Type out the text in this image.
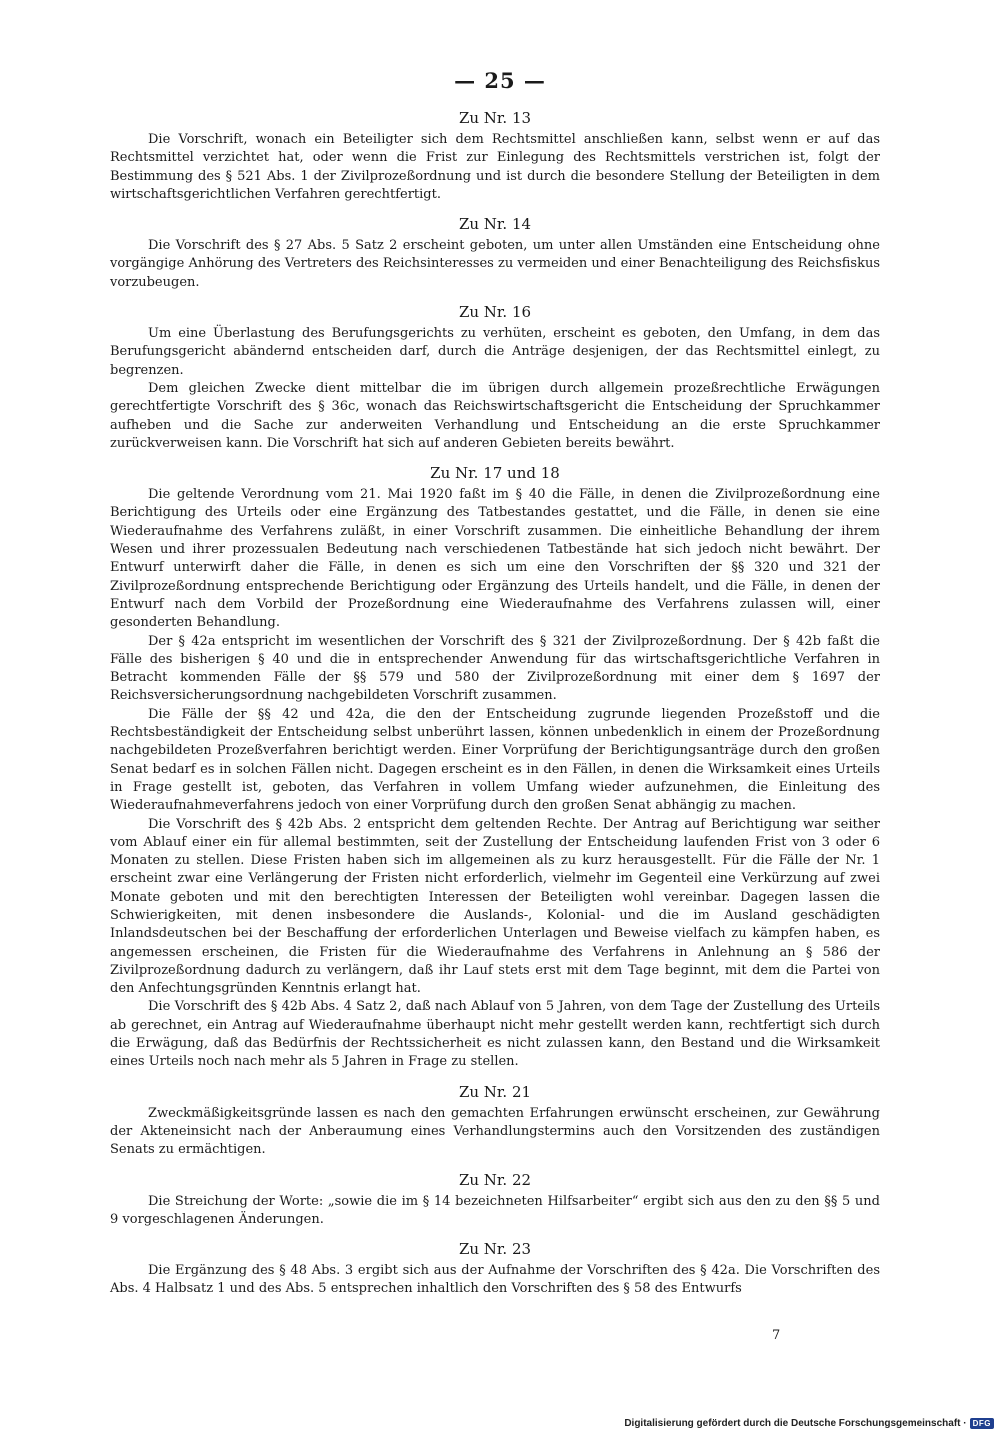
— 25 —
Zu Nr. 13

Die Vorschrift, wonach ein Beteiligter sich dem Rechtsmittel anschließen kann, selbst wenn er auf das Rechtsmittel verzichtet hat, oder wenn die Frist zur Einlegung des Rechtsmittels verstrichen ist, folgt der Bestimmung des § 521 Abs. 1 der Zivilprozeßordnung und ist durch die besondere Stellung der Beteiligten in dem wirtschaftsgerichtlichen Verfahren gerechtfertigt.

Zu Nr. 14

Die Vorschrift des § 27 Abs. 5 Satz 2 erscheint geboten, um unter allen Umständen eine Entscheidung ohne vorgängige Anhörung des Vertreters des Reichsinteresses zu vermeiden und einer Benachteiligung des Reichsfiskus vorzubeugen.

Zu Nr. 16

Um eine Überlastung des Berufungsgerichts zu verhüten, erscheint es geboten, den Umfang, in dem das Berufungsgericht abändernd entscheiden darf, durch die Anträge desjenigen, der das Rechtsmittel einlegt, zu begrenzen.

Dem gleichen Zwecke dient mittelbar die im übrigen durch allgemein prozeßrechtliche Erwägungen gerechtfertigte Vorschrift des § 36c, wonach das Reichswirtschaftsgericht die Entscheidung der Spruchkammer aufheben und die Sache zur anderweiten Verhandlung und Entscheidung an die erste Spruchkammer zurückverweisen kann. Die Vorschrift hat sich auf anderen Gebieten bereits bewährt.

Zu Nr. 17 und 18

Die geltende Verordnung vom 21. Mai 1920 faßt im § 40 die Fälle, in denen die Zivilprozeßordnung eine Berichtigung des Urteils oder eine Ergänzung des Tatbestandes gestattet, und die Fälle, in denen sie eine Wiederaufnahme des Verfahrens zuläßt, in einer Vorschrift zusammen. Die einheitliche Behandlung der ihrem Wesen und ihrer prozessualen Bedeutung nach verschiedenen Tatbestände hat sich jedoch nicht bewährt. Der Entwurf unterwirft daher die Fälle, in denen es sich um eine den Vorschriften der §§ 320 und 321 der Zivilprozeßordnung entsprechende Berichtigung oder Ergänzung des Urteils handelt, und die Fälle, in denen der Entwurf nach dem Vorbild der Prozeßordnung eine Wiederaufnahme des Verfahrens zulassen will, einer gesonderten Behandlung.

Der § 42a entspricht im wesentlichen der Vorschrift des § 321 der Zivilprozeßordnung. Der § 42b faßt die Fälle des bisherigen § 40 und die in entsprechender Anwendung für das wirtschaftsgerichtliche Verfahren in Betracht kommenden Fälle der §§ 579 und 580 der Zivilprozeßordnung mit einer dem § 1697 der Reichsversicherungsordnung nachgebildeten Vorschrift zusammen.

Die Fälle der §§ 42 und 42a, die den der Entscheidung zugrunde liegenden Prozeßstoff und die Rechtsbeständigkeit der Entscheidung selbst unberührt lassen, können unbedenklich in einem der Prozeßordnung nachgebildeten Prozeßverfahren berichtigt werden. Einer Vorprüfung der Berichtigungsanträge durch den großen Senat bedarf es in solchen Fällen nicht. Dagegen erscheint es in den Fällen, in denen die Wirksamkeit eines Urteils in Frage gestellt ist, geboten, das Verfahren in vollem Umfang wieder aufzunehmen, die Einleitung des Wiederaufnahmeverfahrens jedoch von einer Vorprüfung durch den großen Senat abhängig zu machen.

Die Vorschrift des § 42b Abs. 2 entspricht dem geltenden Rechte. Der Antrag auf Berichtigung war seither vom Ablauf einer ein für allemal bestimmten, seit der Zustellung der Entscheidung laufenden Frist von 3 oder 6 Monaten zu stellen. Diese Fristen haben sich im allgemeinen als zu kurz herausgestellt. Für die Fälle der Nr. 1 erscheint zwar eine Verlängerung der Fristen nicht erforderlich, vielmehr im Gegenteil eine Verkürzung auf zwei Monate geboten und mit den berechtigten Interessen der Beteiligten wohl vereinbar. Dagegen lassen die Schwierigkeiten, mit denen insbesondere die Auslands-, Kolonial- und die im Ausland geschädigten Inlandsdeutschen bei der Beschaffung der erforderlichen Unterlagen und Beweise vielfach zu kämpfen haben, es angemessen erscheinen, die Fristen für die Wiederaufnahme des Verfahrens in Anlehnung an § 586 der Zivilprozeßordnung dadurch zu verlängern, daß ihr Lauf stets erst mit dem Tage beginnt, mit dem die Partei von den Anfechtungsgründen Kenntnis erlangt hat.

Die Vorschrift des § 42b Abs. 4 Satz 2, daß nach Ablauf von 5 Jahren, von dem Tage der Zustellung des Urteils ab gerechnet, ein Antrag auf Wiederaufnahme überhaupt nicht mehr gestellt werden kann, rechtfertigt sich durch die Erwägung, daß das Bedürfnis der Rechtssicherheit es nicht zulassen kann, den Bestand und die Wirksamkeit eines Urteils noch nach mehr als 5 Jahren in Frage zu stellen.

Zu Nr. 21

Zweckmäßigkeitsgründe lassen es nach den gemachten Erfahrungen erwünscht erscheinen, zur Gewährung der Akteneinsicht nach der Anberaumung eines Verhandlungstermins auch den Vorsitzenden des zuständigen Senats zu ermächtigen.

Zu Nr. 22

Die Streichung der Worte: „sowie die im § 14 bezeichneten Hilfsarbeiter“ ergibt sich aus den zu den §§ 5 und 9 vorgeschlagenen Änderungen.

Zu Nr. 23

Die Ergänzung des § 48 Abs. 3 ergibt sich aus der Aufnahme der Vorschriften des § 42a. Die Vorschriften des Abs. 4 Halbsatz 1 und des Abs. 5 entsprechen inhaltlich den Vorschriften des § 58 des Entwurfs

7
Digitalisierung gefördert durch die Deutsche Forschungsgemeinschaft · DFG
